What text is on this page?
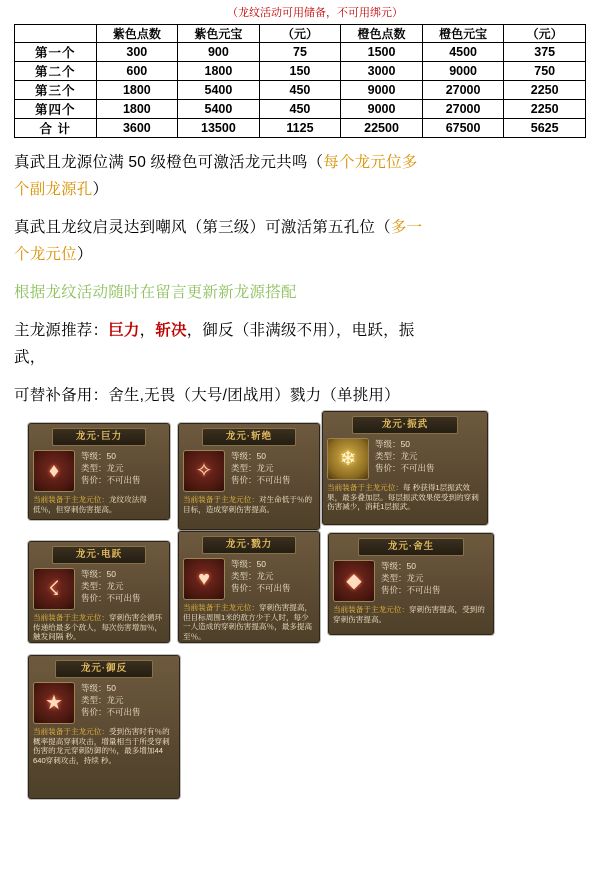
（龙纹活动可用储备，不可用绑元）
	紫色点数	紫色元宝	（元）	橙色点数	橙色元宝	（元）
第一个	300	900	75	1500	4500	375
第二个	600	1800	150	3000	9000	750
第三个	1800	5400	450	9000	27000	2250
第四个	1800	5400	450	9000	27000	2250
合 计	3600	13500	1125	22500	67500	5625
真武且龙源位满 50 级橙色可激活龙元共鸣（每个龙元位多
个副龙源孔）
真武且龙纹启灵达到嘲风（第三级）可激活第五孔位（多一
个龙元位）
根据龙纹活动随时在留言更新新龙源搭配
主龙源推荐：巨力，斩决，御反（非满级不用），电跃，振
武，
可替补备用：舍生,无畏（大号/团战用）戮力（单挑用）
龙元·巨力
♦
等级：50
类型：龙元
售价：不可出售
当前装备于主龙元位：龙纹攻法得低％，但穿刺伤害提高。
龙元·斩绝
✧
等级：50
类型：龙元
售价：不可出售
当前装备于主龙元位：对生命低于％的目标，造成穿刺伤害提高。
龙元·振武
❄
等级：50
类型：龙元
售价：不可出售
当前装备于主龙元位：每 秒获得1层振武效果，最多叠加层。每层振武效果使受到的穿刺伤害减少，消耗1层振武。
龙元·电跃
☇
等级：50
类型：龙元
售价：不可出售
当前装备于主龙元位：穿刺伤害会循环传递给最多个敌人，每次伤害增加％，触发间隔 秒。
龙元·戮力
♥
等级：50
类型：龙元
售价：不可出售
当前装备于主龙元位：穿刺伤害提高，但目标周围1米的敌方少于人时，每少一人造成的穿刺伤害提高％，最多提高至％。
龙元·舍生
◆
等级：50
类型：龙元
售价：不可出售
当前装备于主龙元位：穿刺伤害提高，受到的穿刺伤害提高。
龙元·御反
★
等级：50
类型：龙元
售价：不可出售
当前装备于主龙元位：受到伤害时有％的概率提高穿刺攻击，增量相当于所受穿刺伤害的龙元穿刺防御的％，最多增加44 640穿刺攻击，持续 秒。
